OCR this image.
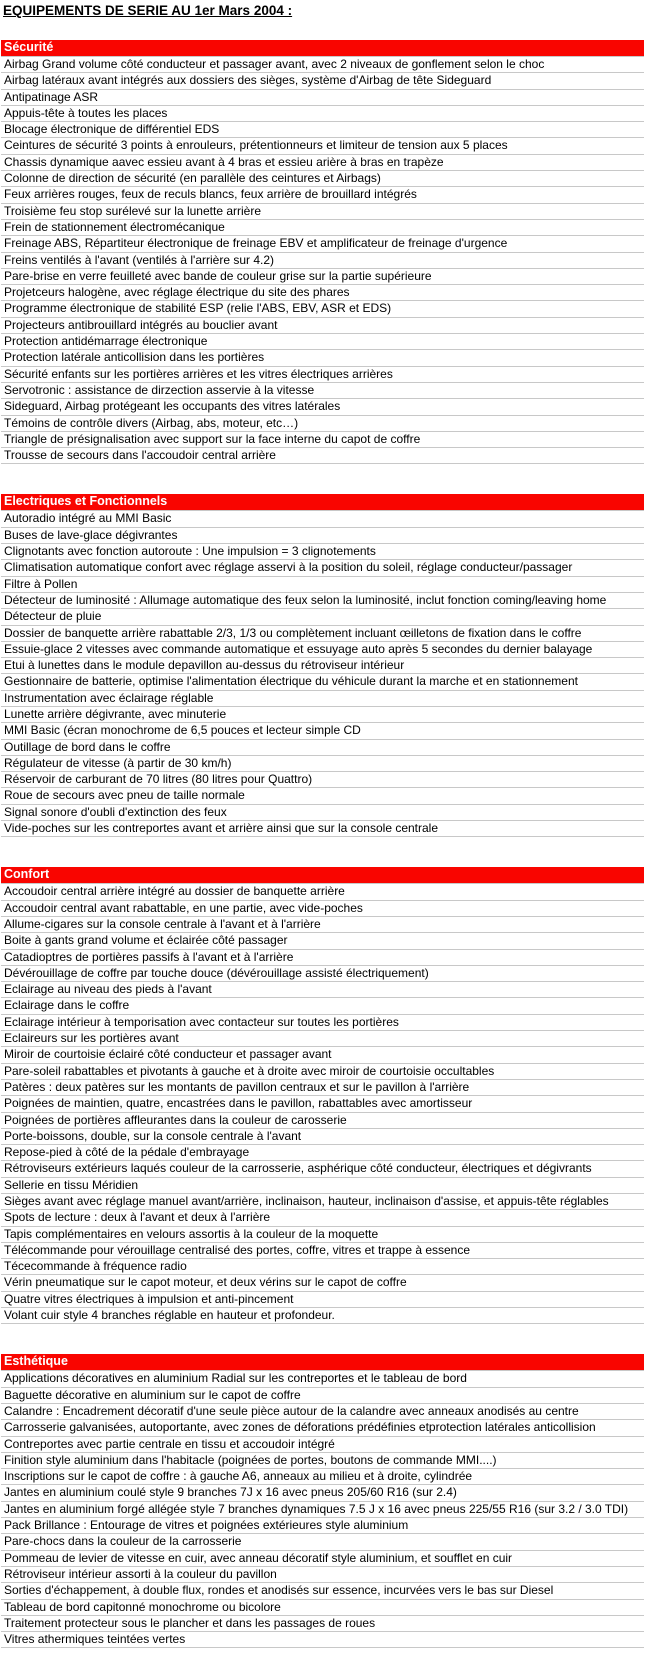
EQUIPEMENTS DE SERIE AU 1er Mars 2004 :
Sécurité
Airbag Grand volume côté conducteur et passager avant, avec 2 niveaux de gonflement selon le choc
Airbag latéraux avant intégrés aux dossiers des sièges, système d'Airbag de tête Sideguard
Antipatinage ASR
Appuis-tête à toutes les places
Blocage électronique de différentiel EDS
Ceintures de sécurité 3 points à enrouleurs, prétentionneurs et limiteur de tension aux 5 places
Chassis dynamique aavec essieu avant à 4 bras et essieu arière à bras en trapèze
Colonne de direction de sécurité (en parallèle des ceintures et Airbags)
Feux arrières rouges, feux de reculs blancs, feux arrière de brouillard intégrés
Troisième feu stop surélevé sur la lunette arrière
Frein de stationnement électromécanique
Freinage ABS, Répartiteur électronique de freinage EBV et amplificateur de freinage d'urgence
Freins ventilés à l'avant (ventilés à l'arrière sur 4.2)
Pare-brise en verre feuilleté avec bande de couleur grise sur la partie supérieure
Projetceurs halogène, avec réglage électrique du site des phares
Programme électronique de stabilité ESP (relie l'ABS, EBV, ASR et EDS)
Projecteurs antibrouillard intégrés au bouclier avant
Protection antidémarrage électronique
Protection latérale anticollision dans les portières
Sécurité enfants sur les portières arrières et les vitres électriques arrières
Servotronic : assistance de dirzection asservie à la vitesse
Sideguard, Airbag protégeant les occupants des vitres latérales
Témoins de contrôle divers (Airbag, abs, moteur, etc…)
Triangle de présignalisation avec support sur la face interne du capot de coffre
Trousse de secours dans l'accoudoir central arrière
Electriques et Fonctionnels
Autoradio intégré au MMI Basic
Buses de lave-glace dégivrantes
Clignotants avec fonction autoroute : Une impulsion = 3 clignotements
Climatisation automatique confort avec réglage asservi à la position du soleil, réglage conducteur/passager
Filtre à Pollen
Détecteur de luminosité : Allumage automatique des feux selon la luminosité, inclut fonction coming/leaving home
Détecteur de pluie
Dossier de banquette arrière rabattable 2/3, 1/3 ou complètement incluant œilletons de fixation dans le coffre
Essuie-glace 2 vitesses avec commande automatique et essuyage auto après 5 secondes du dernier balayage
Etui à lunettes dans le module depavillon au-dessus du rétroviseur intérieur
Gestionnaire de batterie, optimise l'alimentation électrique du véhicule durant la marche et en stationnement
Instrumentation avec éclairage réglable
Lunette arrière dégivrante, avec minuterie
MMI Basic (écran monochrome de 6,5 pouces et lecteur simple CD
Outillage de bord dans le coffre
Régulateur de vitesse (à partir de 30 km/h)
Réservoir de carburant de 70 litres (80 litres pour Quattro)
Roue de secours avec pneu de taille normale
Signal sonore d'oubli d'extinction des feux
Vide-poches sur les contreportes avant et arrière ainsi que sur la console centrale
Confort
Accoudoir central arrière intégré au dossier de banquette arrière
Accoudoir central avant rabattable, en une partie, avec vide-poches
Allume-cigares sur la console centrale à l'avant et à l'arrière
Boite à gants grand volume et éclairée côté passager
Catadioptres de portières passifs à l'avant et à l'arrière
Dévérouillage de coffre par touche douce (dévérouillage assisté électriquement)
Eclairage au niveau des pieds à l'avant
Eclairage dans le coffre
Eclairage intérieur à temporisation avec contacteur sur toutes les portières
Eclaireurs sur les portières avant
Miroir de courtoisie éclairé côté conducteur et passager avant
Pare-soleil rabattables et pivotants à gauche et à droite avec miroir de courtoisie occultables
Patères : deux patères sur les montants de pavillon centraux et sur le pavillon à l'arrière
Poignées de maintien, quatre, encastrées dans le pavillon, rabattables avec amortisseur
Poignées de portières affleurantes dans la couleur de carosserie
Porte-boissons, double, sur la console centrale à l'avant
Repose-pied à côté de la pédale d'embrayage
Rétroviseurs extérieurs laqués couleur de la carrosserie, asphérique côté conducteur, électriques et dégivrants
Sellerie en tissu Méridien
Sièges avant avec réglage manuel avant/arrière, inclinaison, hauteur, inclinaison d'assise, et appuis-tête réglables
Spots de lecture : deux à l'avant et deux à l'arrière
Tapis complémentaires en velours assortis à la couleur de la moquette
Télécommande pour vérouillage centralisé des portes, coffre, vitres et trappe à essence
Técecommande à fréquence radio
Vérin pneumatique sur le capot moteur, et deux vérins sur le capot de coffre
Quatre vitres électriques à impulsion et anti-pincement
Volant cuir style 4 branches réglable en hauteur et profondeur.
Esthétique
Applications décoratives en aluminium Radial sur les contreportes et le tableau de bord
Baguette décorative en aluminium sur le capot de coffre
Calandre : Encadrement décoratif d'une seule pièce autour de la calandre avec anneaux anodisés au centre
Carrosserie galvanisées, autoportante, avec zones de déforations prédéfinies etprotection latérales anticollision
Contreportes avec partie centrale en tissu et accoudoir intégré
Finition style aluminium dans l'habitacle (poignées de portes, boutons de commande MMI....)
Inscriptions sur le capot de coffre : à gauche A6, anneaux au milieu et à droite, cylindrée
Jantes en aluminium coulé style 9 branches 7J x 16 avec pneus 205/60 R16 (sur 2.4)
Jantes en aluminium forgé allégée style 7 branches dynamiques 7.5 J x 16 avec pneus 225/55 R16 (sur 3.2 / 3.0 TDI)
Pack Brillance : Entourage de vitres et poignées extérieures style aluminium
Pare-chocs dans la couleur de la carrosserie
Pommeau de levier de vitesse en cuir, avec anneau décoratif style aluminium, et soufflet en cuir
Rétroviseur intérieur assorti à la couleur du pavillon
Sorties d'échappement, à double flux, rondes et anodisés sur essence, incurvées vers le bas sur Diesel
Tableau de bord capitonné monochrome ou bicolore
Traitement protecteur sous le plancher et dans les passages de roues
Vitres athermiques teintées vertes
